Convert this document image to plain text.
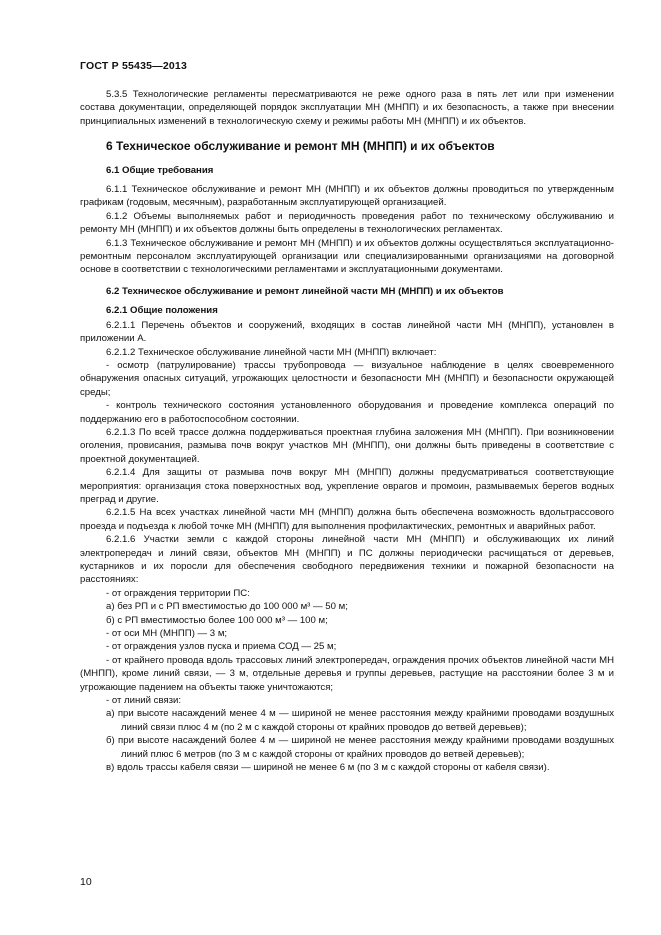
ГОСТ Р 55435—2013

5.3.5 Технологические регламенты пересматриваются не реже одного раза в пять лет или при изменении состава документации, определяющей порядок эксплуатации МН (МНПП) и их безопасность, а также при внесении принципиальных изменений в технологическую схему и режимы работы МН (МНПП) и их объектов.

6 Техническое обслуживание и ремонт МН (МНПП) и их объектов
6.1 Общие требования

6.1.1 Техническое обслуживание и ремонт МН (МНПП) и их объектов должны проводиться по утвержденным графикам (годовым, месячным), разработанным эксплуатирующей организацией.

6.1.2 Объемы выполняемых работ и периодичность проведения работ по техническому обслуживанию и ремонту МН (МНПП) и их объектов должны быть определены в технологических регламентах.

6.1.3 Техническое обслуживание и ремонт МН (МНПП) и их объектов должны осуществляться эксплуатационно-ремонтным персоналом эксплуатирующей организации или специализированными организациями на договорной основе в соответствии с технологическими регламентами и эксплуатационными документами.

6.2 Техническое обслуживание и ремонт линейной части МН (МНПП) и их объектов
6.2.1 Общие положения

6.2.1.1 Перечень объектов и сооружений, входящих в состав линейной части МН (МНПП), установлен в приложении А.

6.2.1.2 Техническое обслуживание линейной части МН (МНПП) включает:

- осмотр (патрулирование) трассы трубопровода — визуальное наблюдение в целях своевременного обнаружения опасных ситуаций, угрожающих целостности и безопасности МН (МНПП) и безопасности окружающей среды;

- контроль технического состояния установленного оборудования и проведение комплекса операций по поддержанию его в работоспособном состоянии.

6.2.1.3 По всей трассе должна поддерживаться проектная глубина заложения МН (МНПП). При возникновении оголения, провисания, размыва почв вокруг участков МН (МНПП), они должны быть приведены в соответствие с проектной документацией.

6.2.1.4 Для защиты от размыва почв вокруг МН (МНПП) должны предусматриваться соответствующие мероприятия: организация стока поверхностных вод, укрепление оврагов и промоин, размываемых берегов водных преград и другие.

6.2.1.5 На всех участках линейной части МН (МНПП) должна быть обеспечена возможность вдольтрассового проезда и подъезда к любой точке МН (МНПП) для выполнения профилактических, ремонтных и аварийных работ.

6.2.1.6 Участки земли с каждой стороны линейной части МН (МНПП) и обслуживающих их линий электропередач и линий связи, объектов МН (МНПП) и ПС должны периодически расчищаться от деревьев, кустарников и их поросли для обеспечения свободного передвижения техники и пожарной безопасности на расстояниях:

- от ограждения территории ПС:

а) без РП и с РП вместимостью до 100 000 м³ — 50 м;

б) с РП вместимостью более 100 000 м³ — 100 м;

- от оси МН (МНПП) — 3 м;

- от ограждения узлов пуска и приема СОД — 25 м;

- от крайнего провода вдоль трассовых линий электропередач, ограждения прочих объектов линейной части МН (МНПП), кроме линий связи, — 3 м, отдельные деревья и группы деревьев, растущие на расстоянии более 3 м и угрожающие падением на объекты также уничтожаются;

- от линий связи:

а) при высоте насаждений менее 4 м — шириной не менее расстояния между крайними проводами воздушных линий связи плюс 4 м (по 2 м с каждой стороны от крайних проводов до ветвей деревьев);

б) при высоте насаждений более 4 м — шириной не менее расстояния между крайними проводами воздушных линий плюс 6 метров (по 3 м с каждой стороны от крайних проводов до ветвей деревьев);

в) вдоль трассы кабеля связи — шириной не менее 6 м (по 3 м с каждой стороны от кабеля связи).

10
